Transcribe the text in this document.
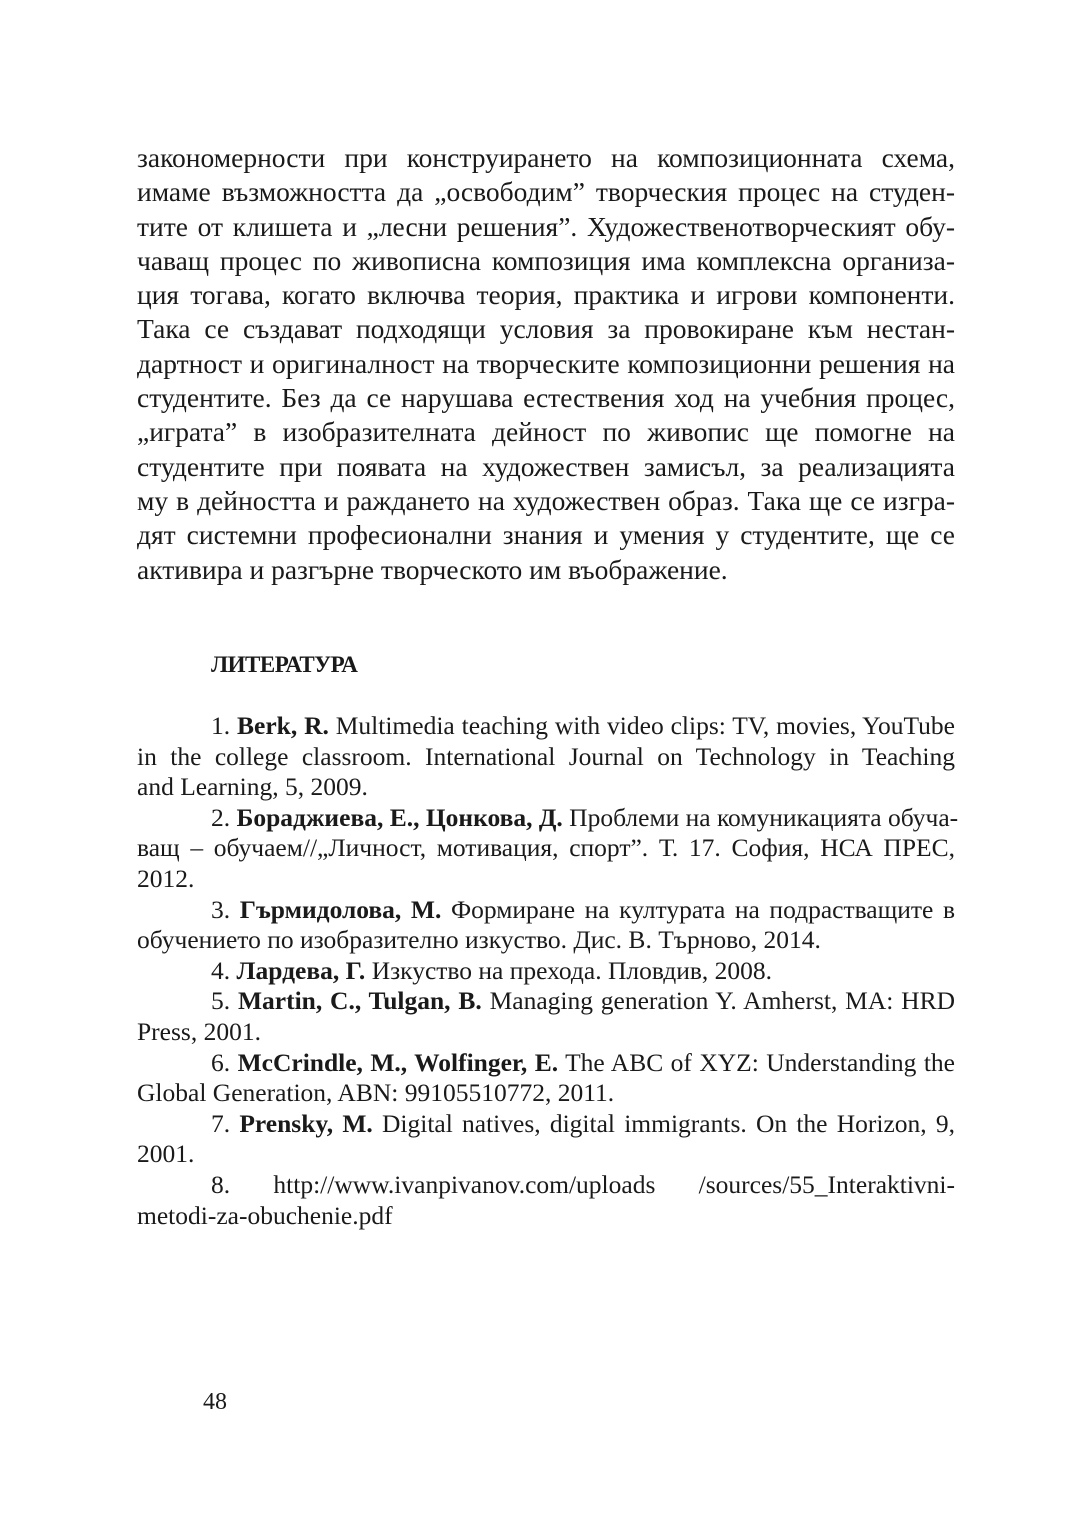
закономерности при конструирането на композиционната схема,
имаме възможността да „освободим” творческия процес на студен-
тите от клишета и „лесни решения”. Художественотворческият обу-
чаващ процес по живописна композиция има комплексна организа-
ция тогава, когато включва теория, практика и игрови компоненти.
Така се създават подходящи условия за провокиране към нестан-
дартност и оригиналност на творческите композиционни решения на
студентите. Без да се нарушава естествения ход на учебния процес,
„играта” в изобразителната дейност по живопис ще помогне на
студентите при появата на художествен замисъл, за реализацията
му в дейността и раждането на художествен образ. Така ще се изгра-
дят системни професионални знания и умения у студентите, ще се
активира и разгърне творческото им въображение.

ЛИТЕРАТУРА
1. Berk, R. Multimedia teaching with video clips: TV, movies, YouTube
in the college classroom. International Journal on Technology in Teaching
and Learning, 5, 2009.
2. Бораджиева, Е., Цонкова, Д. Проблеми на комуникацията обуча-
ващ – обучаем//„Личност, мотивация, спорт”. Т. 17. София, НСА ПРЕС,
2012.
3. Гърмидолова, М. Формиране на културата на подрастващите в
обучението по изобразително изкуство. Дис. В. Търново, 2014.
4. Лардева, Г. Изкуство на прехода. Пловдив, 2008.
5. Martin, C., Tulgan, B. Managing generation Y. Amherst, MA: HRD
Press, 2001.
6. McCrindle, M., Wolfinger, E. The ABC of XYZ: Understanding the
Global Generation, ABN: 99105510772, 2011.
7. Prensky, M. Digital natives, digital immigrants. On the Horizon, 9,
2001.
8. http://www.ivanpivanov.com/uploads /sources/55_Interaktivni-
metodi-za-obuchenie.pdf
48
